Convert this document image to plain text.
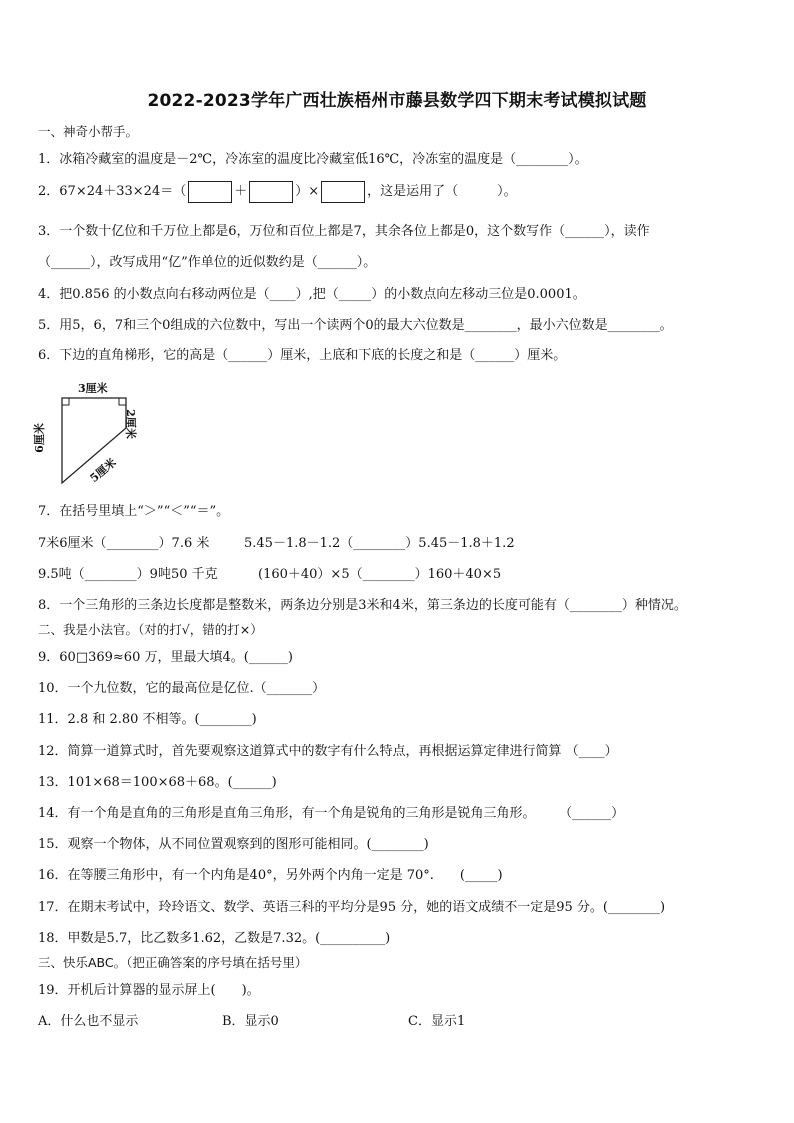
2022-2023学年广西壮族梧州市藤县数学四下期末考试模拟试题
一、神奇小帮手。
1．冰箱冷藏室的温度是－2℃，冷冻室的温度比冷藏室低16℃，冷冻室的温度是（________）。
2．67×24＋33×24＝（	＋	）×	，这是运用了（　　　）。
3．一个数十亿位和千万位上都是6，万位和百位上都是7，其余各位上都是0，这个数写作（______），读作
（______），改写成用“亿”作单位的近似数约是（______）。
4．把0.856 的小数点向右移动两位是（____）,把（_____）的小数点向左移动三位是0.0001。
5．用5，6，7和三个0组成的六位数中，写出一个读两个0的最大六位数是________，最小六位数是________。
6．下边的直角梯形，它的高是（______）厘米，上底和下底的长度之和是（______）厘米。
3厘米
6厘米	2厘米
5厘米
7．在括号里填上“＞”“＜”“＝”。
7米6厘米（________）7.6 米	5.45－1.8－1.2（________）5.45－1.8＋1.2
9.5吨（________）9吨50 千克	(160＋40）×5（________）160＋40×5
8．一个三角形的三条边长度都是整数米，两条边分别是3米和4米，第三条边的长度可能有（________）种情况。
二、我是小法官。（对的打√，错的打×）
9．60□369≈60 万，里最大填4。(______)
10．一个九位数，它的最高位是亿位.（_______）
11．2.8 和 2.80 不相等。(________)
12．简算一道算式时，首先要观察这道算式中的数字有什么特点，再根据运算定律进行简算 （____）
13．101×68＝100×68＋68。(______)
14．有一个角是直角的三角形是直角三角形，有一个角是锐角的三角形是锐角三角形。　　 （______）
15．观察一个物体，从不同位置观察到的图形可能相同。(________)
16．在等腰三角形中，有一个内角是40°，另外两个内角一定是 70°.　　(_____)
17．在期末考试中，玲玲语文、数学、英语三科的平均分是95 分，她的语文成绩不一定是95 分。(________)
18．甲数是5.7，比乙数多1.62，乙数是7.32。(__________)
三、快乐ABC。（把正确答案的序号填在括号里）
19．开机后计算器的显示屏上(　　)。
A．什么也不显示	B．显示0	C．显示1
